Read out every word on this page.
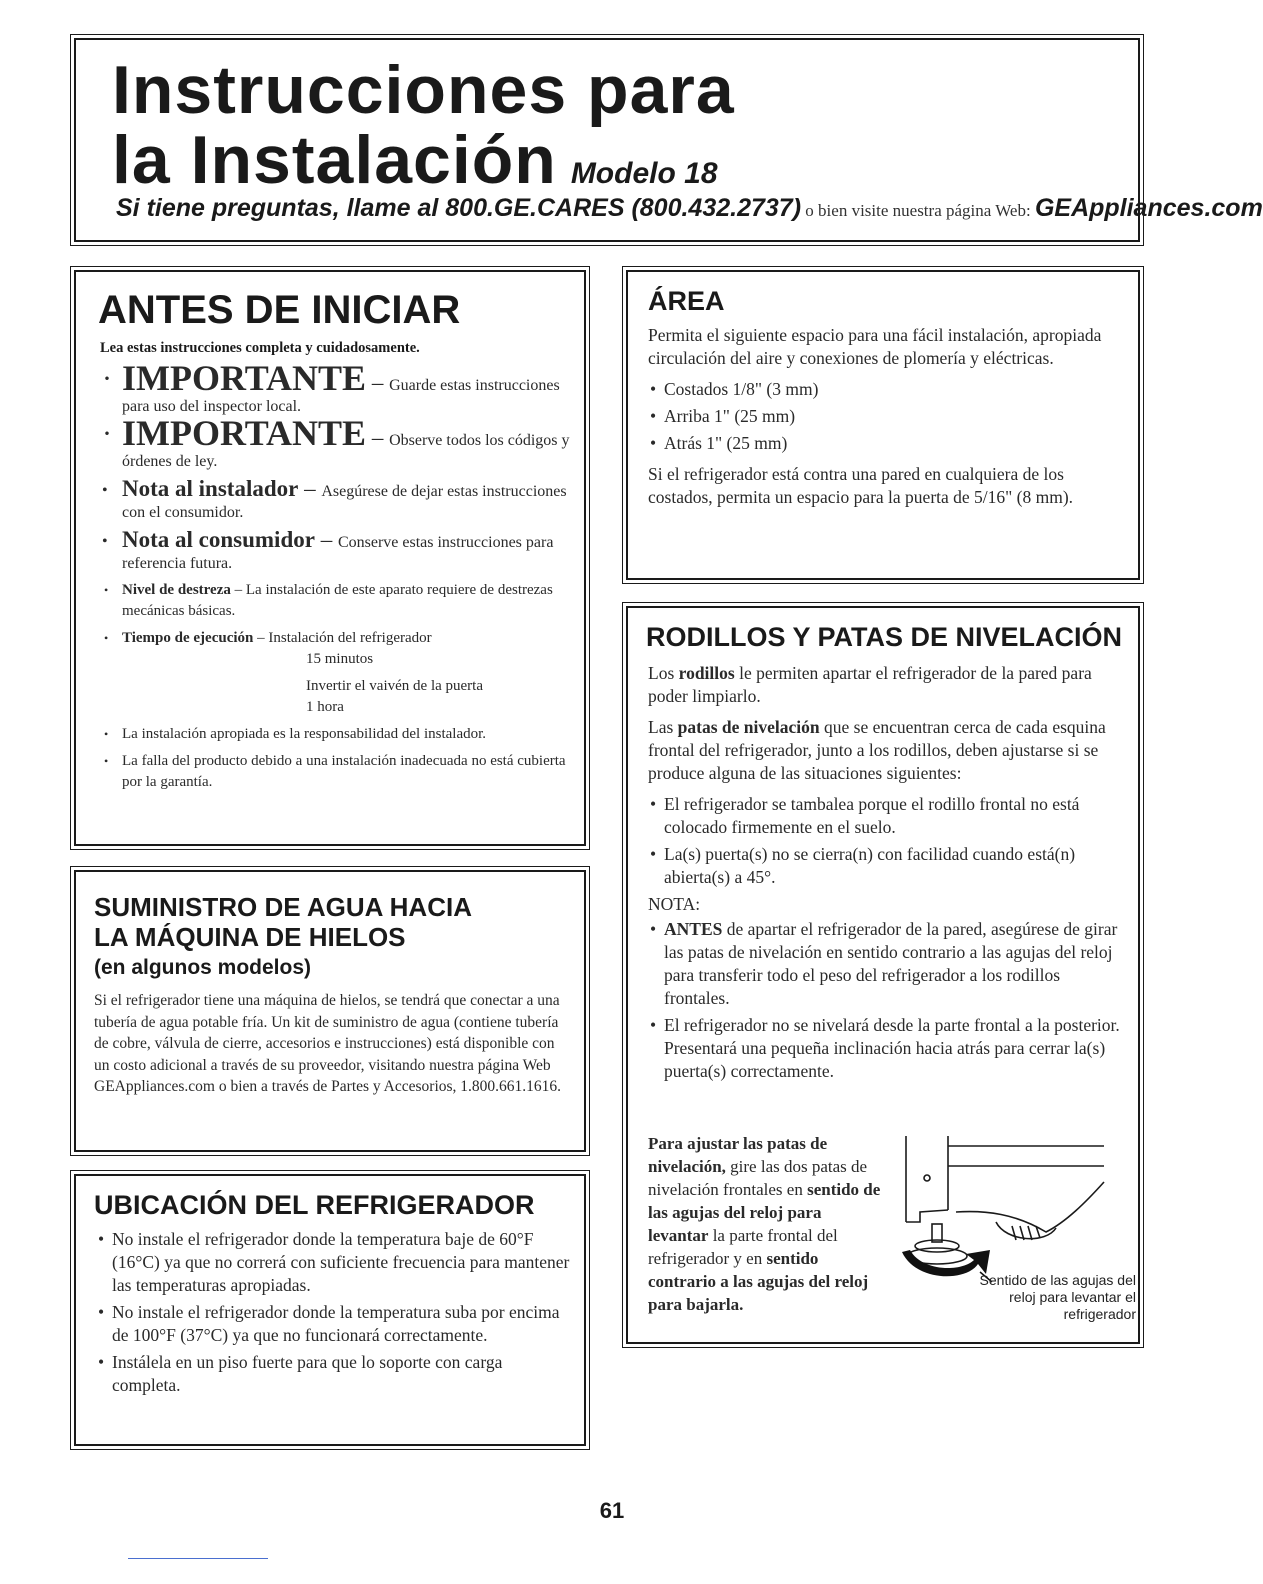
Instrucciones para
la Instalación Modelo 18
Si tiene preguntas, llame al 800.GE.CARES (800.432.2737) o bien visite nuestra página Web: GEAppliances.com
ANTES DE INICIAR
Lea estas instrucciones completa y cuidadosamente.
· IMPORTANTE – Guarde estas instrucciones para uso del inspector local.
· IMPORTANTE – Observe todos los códigos y órdenes de ley.
• Nota al instalador – Asegúrese de dejar estas instrucciones con el consumidor.
• Nota al consumidor – Conserve estas instrucciones para referencia futura.
• Nivel de destreza – La instalación de este aparato requiere de destrezas mecánicas básicas.
• Tiempo de ejecución – Instalación del refrigerador
15 minutos
Invertir el vaivén de la puerta
1 hora
• La instalación apropiada es la responsabilidad del instalador.
• La falla del producto debido a una instalación inadecuada no está cubierta por la garantía.
SUMINISTRO DE AGUA HACIA
LA MÁQUINA DE HIELOS
(en algunos modelos)
Si el refrigerador tiene una máquina de hielos, se tendrá que conectar a una tubería de agua potable fría. Un kit de suministro de agua (contiene tubería de cobre, válvula de cierre, accesorios e instrucciones) está disponible con un costo adicional a través de su proveedor, visitando nuestra página Web GEAppliances.com o bien a través de Partes y Accesorios, 1.800.661.1616.
UBICACIÓN DEL REFRIGERADOR
• No instale el refrigerador donde la temperatura baje de 60°F (16°C) ya que no correrá con suficiente frecuencia para mantener las temperaturas apropiadas.
• No instale el refrigerador donde la temperatura suba por encima de 100°F (37°C) ya que no funcionará correctamente.
• Instálela en un piso fuerte para que lo soporte con carga completa.
ÁREA

Permita el siguiente espacio para una fácil instalación, apropiada circulación del aire y conexiones de plomería y eléctricas.

• Costados 1/8" (3 mm)
• Arriba 1" (25 mm)
• Atrás 1" (25 mm)

Si el refrigerador está contra una pared en cualquiera de los costados, permita un espacio para la puerta de 5/16" (8 mm).

RODILLOS Y PATAS DE NIVELACIÓN

Los rodillos le permiten apartar el refrigerador de la pared para poder limpiarlo.

Las patas de nivelación que se encuentran cerca de cada esquina frontal del refrigerador, junto a los rodillos, deben ajustarse si se produce alguna de las situaciones siguientes:

• El refrigerador se tambalea porque el rodillo frontal no está colocado firmemente en el suelo.
• La(s) puerta(s) no se cierra(n) con facilidad cuando está(n) abierta(s) a 45°.
NOTA:
• ANTES de apartar el refrigerador de la pared, asegúrese de girar las patas de nivelación en sentido contrario a las agujas del reloj para transferir todo el peso del refrigerador a los rodillos frontales.
• El refrigerador no se nivelará desde la parte frontal a la posterior. Presentará una pequeña inclinación hacia atrás para cerrar la(s) puerta(s) correctamente.
Para ajustar las patas de nivelación, gire las dos patas de nivelación frontales en sentido de las agujas del reloj para levantar la parte frontal del refrigerador y en sentido contrario a las agujas del reloj para bajarla.
Sentido de las agujas del reloj para levantar el refrigerador
61
